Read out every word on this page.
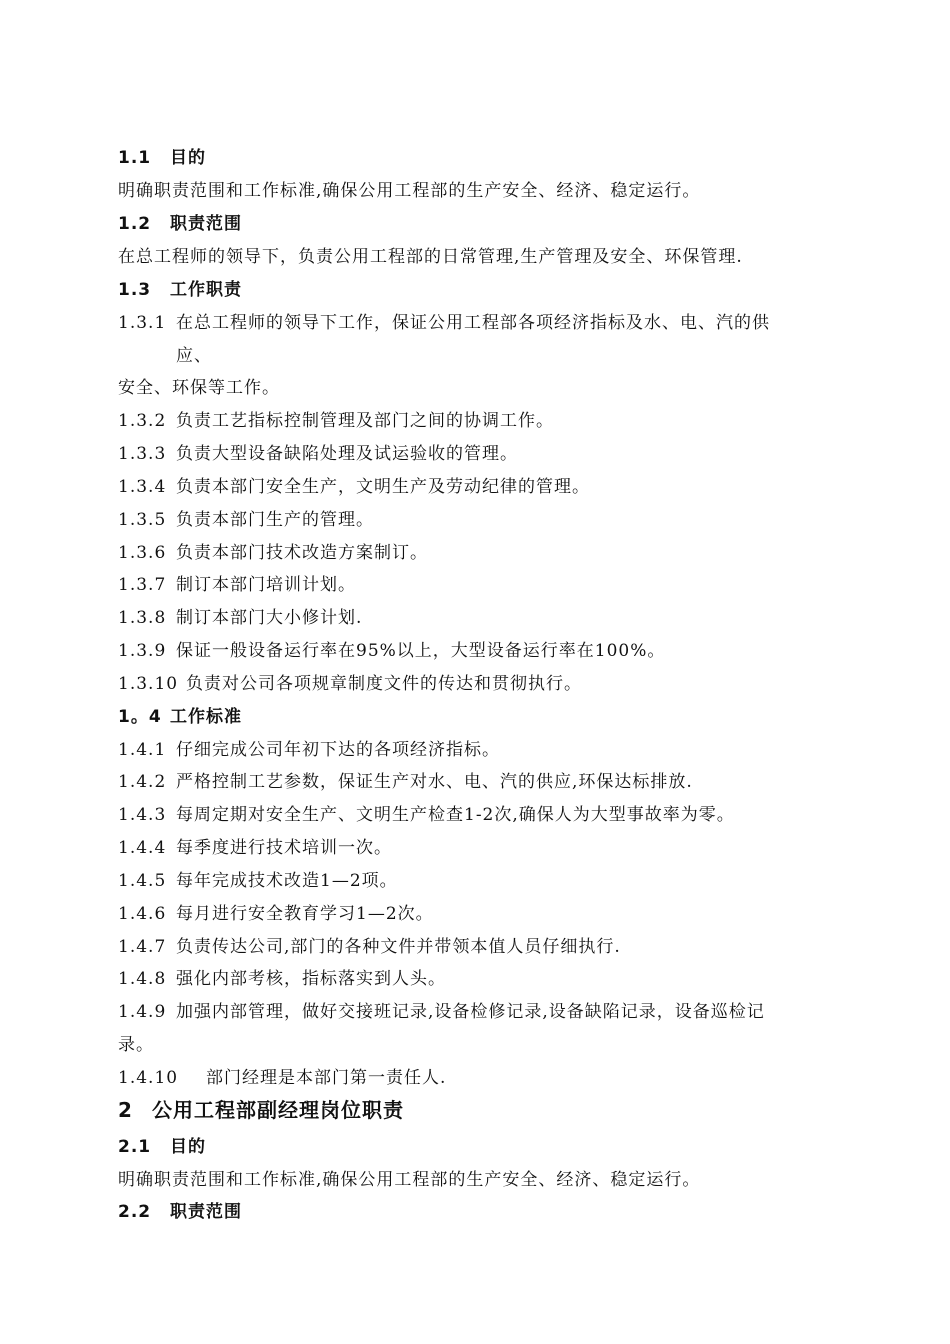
1.1 目的
明确职责范围和工作标准,确保公用工程部的生产安全、经济、稳定运行。
1.2 职责范围
在总工程师的领导下，负责公用工程部的日常管理,生产管理及安全、环保管理.
1.3 工作职责
1.3.1 在总工程师的领导下工作，保证公用工程部各项经济指标及水、电、汽的供
应、
安全、环保等工作。
1.3.2 负责工艺指标控制管理及部门之间的协调工作。
1.3.3 负责大型设备缺陷处理及试运验收的管理。
1.3.4 负责本部门安全生产，文明生产及劳动纪律的管理。
1.3.5 负责本部门生产的管理。
1.3.6 负责本部门技术改造方案制订。
1.3.7 制订本部门培训计划。
1.3.8 制订本部门大小修计划.
1.3.9 保证一般设备运行率在95%以上，大型设备运行率在100%。
1.3.10 负责对公司各项规章制度文件的传达和贯彻执行。
1。4 工作标准
1.4.1 仔细完成公司年初下达的各项经济指标。
1.4.2 严格控制工艺参数，保证生产对水、电、汽的供应,环保达标排放.
1.4.3 每周定期对安全生产、文明生产检查1-2次,确保人为大型事故率为零。
1.4.4 每季度进行技术培训一次。
1.4.5 每年完成技术改造1—2项。
1.4.6 每月进行安全教育学习1—2次。
1.4.7 负责传达公司,部门的各种文件并带领本值人员仔细执行.
1.4.8 强化内部考核，指标落实到人头。
1.4.9 加强内部管理，做好交接班记录,设备检修记录,设备缺陷记录，设备巡检记
录。
1.4.10 部门经理是本部门第一责任人.
2 公用工程部副经理岗位职责
2.1 目的
明确职责范围和工作标准,确保公用工程部的生产安全、经济、稳定运行。
2.2 职责范围
